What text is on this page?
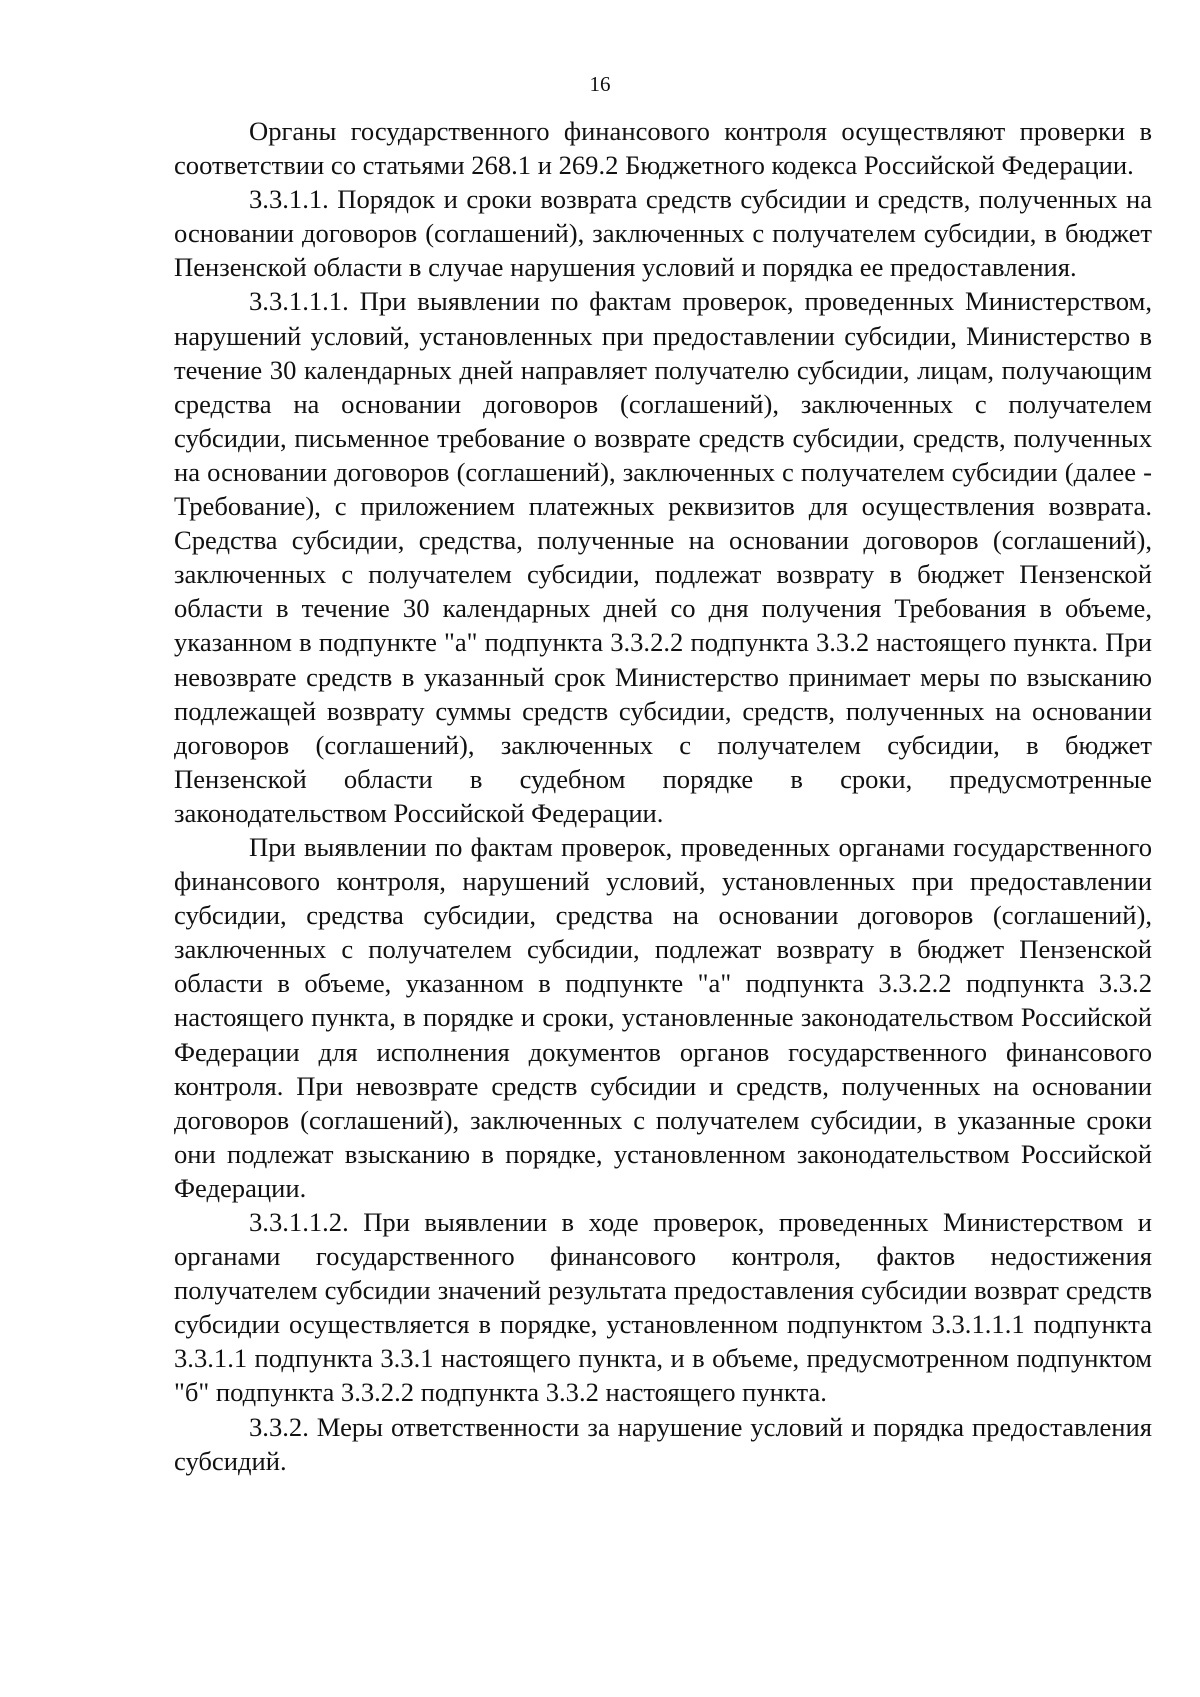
16

Органы государственного финансового контроля осуществляют проверки в соответствии со статьями 268.1 и 269.2 Бюджетного кодекса Российской Федерации.

3.3.1.1. Порядок и сроки возврата средств субсидии и средств, полученных на основании договоров (соглашений), заключенных с получателем субсидии, в бюджет Пензенской области в случае нарушения условий и порядка ее предоставления.

3.3.1.1.1. При выявлении по фактам проверок, проведенных Министерством, нарушений условий, установленных при предоставлении субсидии, Министерство в течение 30 календарных дней направляет получателю субсидии, лицам, получающим средства на основании договоров (соглашений), заключенных с получателем субсидии, письменное требование о возврате средств субсидии, средств, полученных на основании договоров (соглашений), заключенных с получателем субсидии (далее - Требование), с приложением платежных реквизитов для осуществления возврата. Средства субсидии, средства, полученные на основании договоров (соглашений), заключенных с получателем субсидии, подлежат возврату в бюджет Пензенской области в течение 30 календарных дней со дня получения Требования в объеме, указанном в подпункте "а" подпункта 3.3.2.2 подпункта 3.3.2 настоящего пункта. При невозврате средств в указанный срок Министерство принимает меры по взысканию подлежащей возврату суммы средств субсидии, средств, полученных на основании договоров (соглашений), заключенных с получателем субсидии, в бюджет Пензенской области в судебном порядке в сроки, предусмотренные законодательством Российской Федерации.

При выявлении по фактам проверок, проведенных органами государственного финансового контроля, нарушений условий, установленных при предоставлении субсидии, средства субсидии, средства на основании договоров (соглашений), заключенных с получателем субсидии, подлежат возврату в бюджет Пензенской области в объеме, указанном в подпункте "а" подпункта 3.3.2.2 подпункта 3.3.2 настоящего пункта, в порядке и сроки, установленные законодательством Российской Федерации для исполнения документов органов государственного финансового контроля. При невозврате средств субсидии и средств, полученных на основании договоров (соглашений), заключенных с получателем субсидии, в указанные сроки они подлежат взысканию в порядке, установленном законодательством Российской Федерации.

3.3.1.1.2. При выявлении в ходе проверок, проведенных Министерством и органами государственного финансового контроля, фактов недостижения получателем субсидии значений результата предоставления субсидии возврат средств субсидии осуществляется в порядке, установленном подпунктом 3.3.1.1.1 подпункта 3.3.1.1 подпункта 3.3.1 настоящего пункта, и в объеме, предусмотренном подпунктом "б" подпункта 3.3.2.2 подпункта 3.3.2 настоящего пункта.

3.3.2. Меры ответственности за нарушение условий и порядка предоставления субсидий.
